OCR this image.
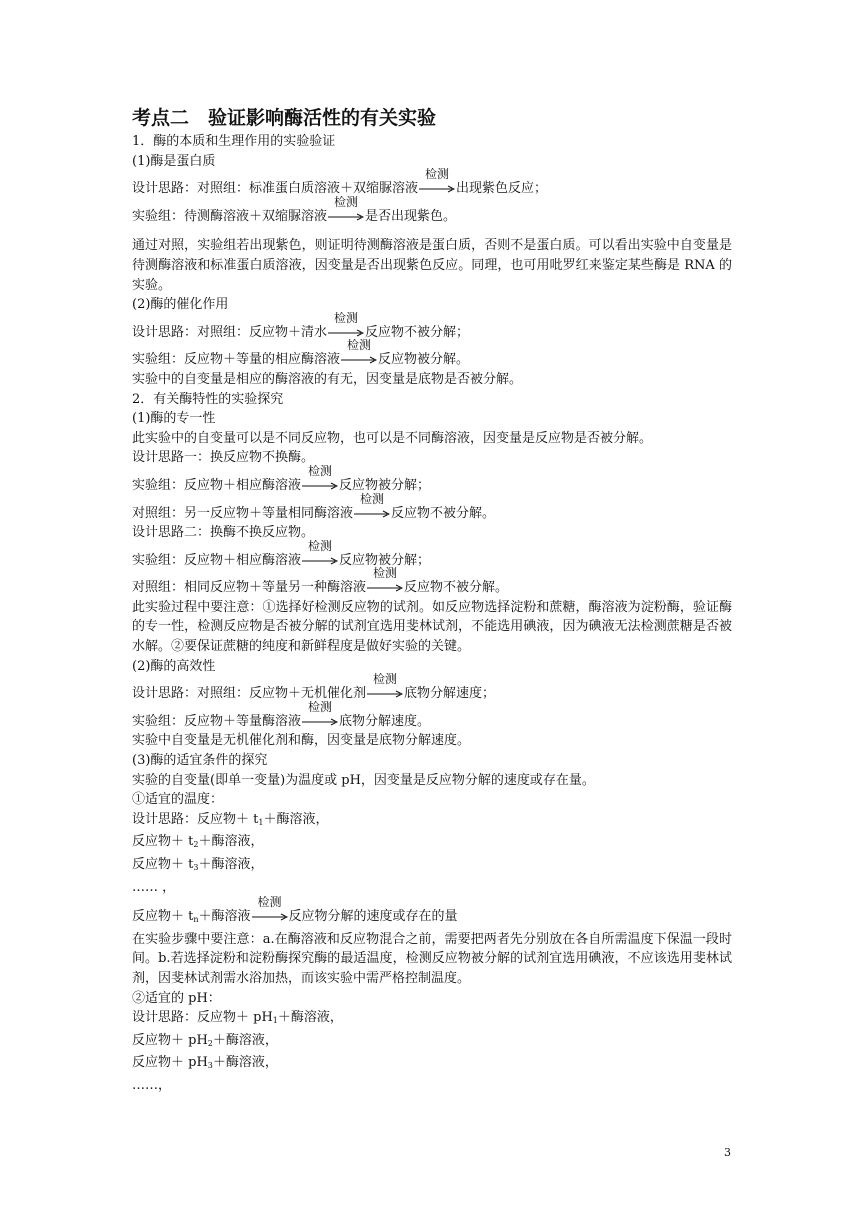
考点二　验证影响酶活性的有关实验
1．酶的本质和生理作用的实验验证
(1)酶是蛋白质
设计思路：对照组：标准蛋白质溶液＋双缩脲溶液
检测
出现紫色反应；
实验组：待测酶溶液＋双缩脲溶液
检测
是否出现紫色。
通过对照，实验组若出现紫色，则证明待测酶溶液是蛋白质，否则不是蛋白质。可以看出实验中自变量是待测酶溶液和标准蛋白质溶液，因变量是否出现紫色反应。同理，也可用吡罗红来鉴定某些酶是 RNA 的实验。
(2)酶的催化作用
设计思路：对照组：反应物＋清水
检测
反应物不被分解；
实验组：反应物＋等量的相应酶溶液
检测
反应物被分解。
实验中的自变量是相应的酶溶液的有无，因变量是底物是否被分解。
2．有关酶特性的实验探究
(1)酶的专一性
此实验中的自变量可以是不同反应物，也可以是不同酶溶液，因变量是反应物是否被分解。
设计思路一：换反应物不换酶。
实验组：反应物＋相应酶溶液
检测
反应物被分解；
对照组：另一反应物＋等量相同酶溶液
检测
反应物不被分解。
设计思路二：换酶不换反应物。
实验组：反应物＋相应酶溶液
检测
反应物被分解；
对照组：相同反应物＋等量另一种酶溶液
检测
反应物不被分解。
此实验过程中要注意：①选择好检测反应物的试剂。如反应物选择淀粉和蔗糖，酶溶液为淀粉酶，验证酶的专一性，检测反应物是否被分解的试剂宜选用斐林试剂，不能选用碘液，因为碘液无法检测蔗糖是否被水解。②要保证蔗糖的纯度和新鲜程度是做好实验的关键。
(2)酶的高效性
设计思路：对照组：反应物＋无机催化剂
检测
底物分解速度；
实验组：反应物＋等量酶溶液
检测
底物分解速度。
实验中自变量是无机催化剂和酶，因变量是底物分解速度。
(3)酶的适宜条件的探究
实验的自变量(即单一变量)为温度或 pH，因变量是反应物分解的速度或存在量。
①适宜的温度：
设计思路：反应物＋ $t_1+$酶溶液，
反应物＋ $t_2+$酶溶液，
反应物＋ $t_3+$酶溶液，
…… ，
反应物＋ $t_n+$酶溶液
检测
反应物分解的速度或存在的量
在实验步骤中要注意：a.在酶溶液和反应物混合之前，需要把两者先分别放在各自所需温度下保温一段时间。b.若选择淀粉和淀粉酶探究酶的最适温度，检测反应物被分解的试剂宜选用碘液，不应该选用斐林试剂，因斐林试剂需水浴加热，而该实验中需严格控制温度。
②适宜的 pH：
设计思路：反应物＋ $pH_1+$酶溶液，
反应物＋ $pH_2+$酶溶液，
反应物＋ $pH_3+$酶溶液，
……，
3
